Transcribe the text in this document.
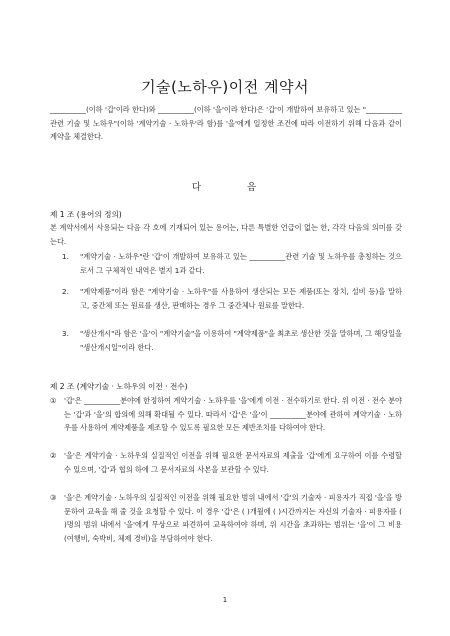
기술(노하우)이전 계약서
__________(이하 '갑'이라 한다)와 __________(이하 '을'이라 한다)은 '갑'이 개발하여 보유하고 있는 "__________관련 기술 및 노하우"(이하 '계약기술 · 노하우'라 함)를 '을'에게 일정한 조건에 따라 이전하기 위해 다음과 같이 계약을 체결한다.
다	음
제 1 조 (용어의 정의)
본 계약서에서 사용되는 다음 각 호에 기재되어 있는 용어는, 다른 특별한 언급이 없는 한, 각각 다음의 의미를 갖는다.
1.	"계약기술 · 노하우"란 '갑'이 개발하여 보유하고 있는 __________관련 기술 및 노하우를 총칭하는 것으로서 그 구체적인 내역은 별지 1과 같다.
2.	"계약제품"이라 함은 "계약기술 · 노하우"를 사용하여 생산되는 모든 제품(또는 장치, 설비 등)을 말하고, 중간체 또는 원료를 생산, 판매하는 경우 그 중간체나 원료를 말한다.
3.	"생산개시"라 함은 '을'이 "계약기술"을 이용하여 "계약제품"을 최초로 생산한 것을 말하며, 그 해당일을 "생산개시일"이라 한다.
제 2 조 (계약기술 · 노하우의 이전 · 전수)
① '갑'은 __________분야에 한정하여 계약기술 · 노하우를 '을'에게 이전 · 전수하기로 한다. 위 이전 · 전수 분야는 '갑'과 '을'의 합의에 의해 확대될 수 있다. 따라서 '갑'은 '을'이 __________분야에 관하여 계약기술 · 노하우를 사용하여 계약제품을 제조할 수 있도록 필요한 모든 제반조치를 다하여야 한다.
② '을'은 계약기술 · 노하우의 실질적인 이전을 위해 필요한 문서자료의 제출을 '갑'에게 요구하여 이를 수령할 수 있으며, '갑'과 협의 하에 그 문서자료의 사본을 보관할 수 있다.
③ '을'은 계약기술 · 노하우의 실질적인 이전을 위해 필요한 범위 내에서 '갑'의 기술자 · 피용자가 직접 '을'을 방문하여 교육을 해 줄 것을 요청할 수 있다. 이 경우 '갑'은 ( )개월에 ( )시간까지는 자신의 기술자 · 피용자를 ( )명의 범위 내에서 '을'에게 무상으로 파견하여 교육하여야 하며, 위 시간을 초과하는 범위는 '을'이 그 비용(여행비, 숙박비, 체제 경비)을 부담하여야 한다.
1
